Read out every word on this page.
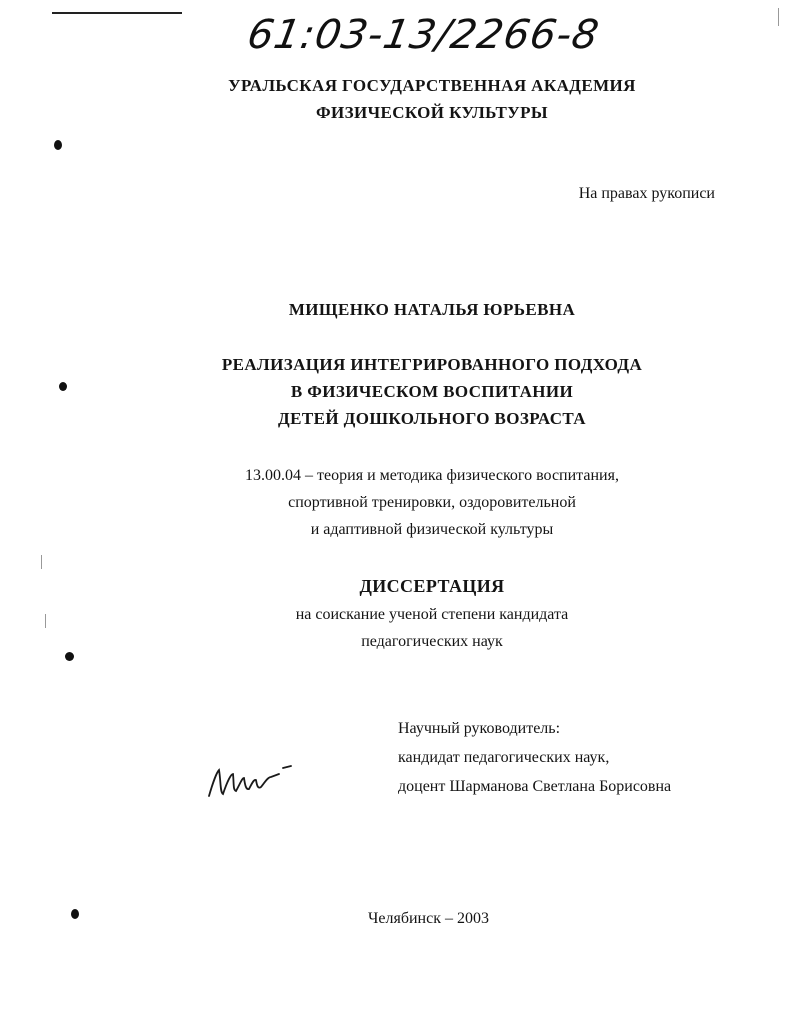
61:03-13/2266-8
УРАЛЬСКАЯ ГОСУДАРСТВЕННАЯ АКАДЕМИЯ
ФИЗИЧЕСКОЙ КУЛЬТУРЫ
На правах рукописи
МИЩЕНКО НАТАЛЬЯ ЮРЬЕВНА
РЕАЛИЗАЦИЯ ИНТЕГРИРОВАННОГО ПОДХОДА
В ФИЗИЧЕСКОМ ВОСПИТАНИИ
ДЕТЕЙ ДОШКОЛЬНОГО ВОЗРАСТА
13.00.04 – теория и методика физического воспитания,
спортивной тренировки, оздоровительной
и адаптивной физической культуры
ДИССЕРТАЦИЯ
на соискание ученой степени кандидата
педагогических наук
Научный руководитель:
кандидат педагогических наук,
доцент Шарманова Светлана Борисовна
Челябинск – 2003
